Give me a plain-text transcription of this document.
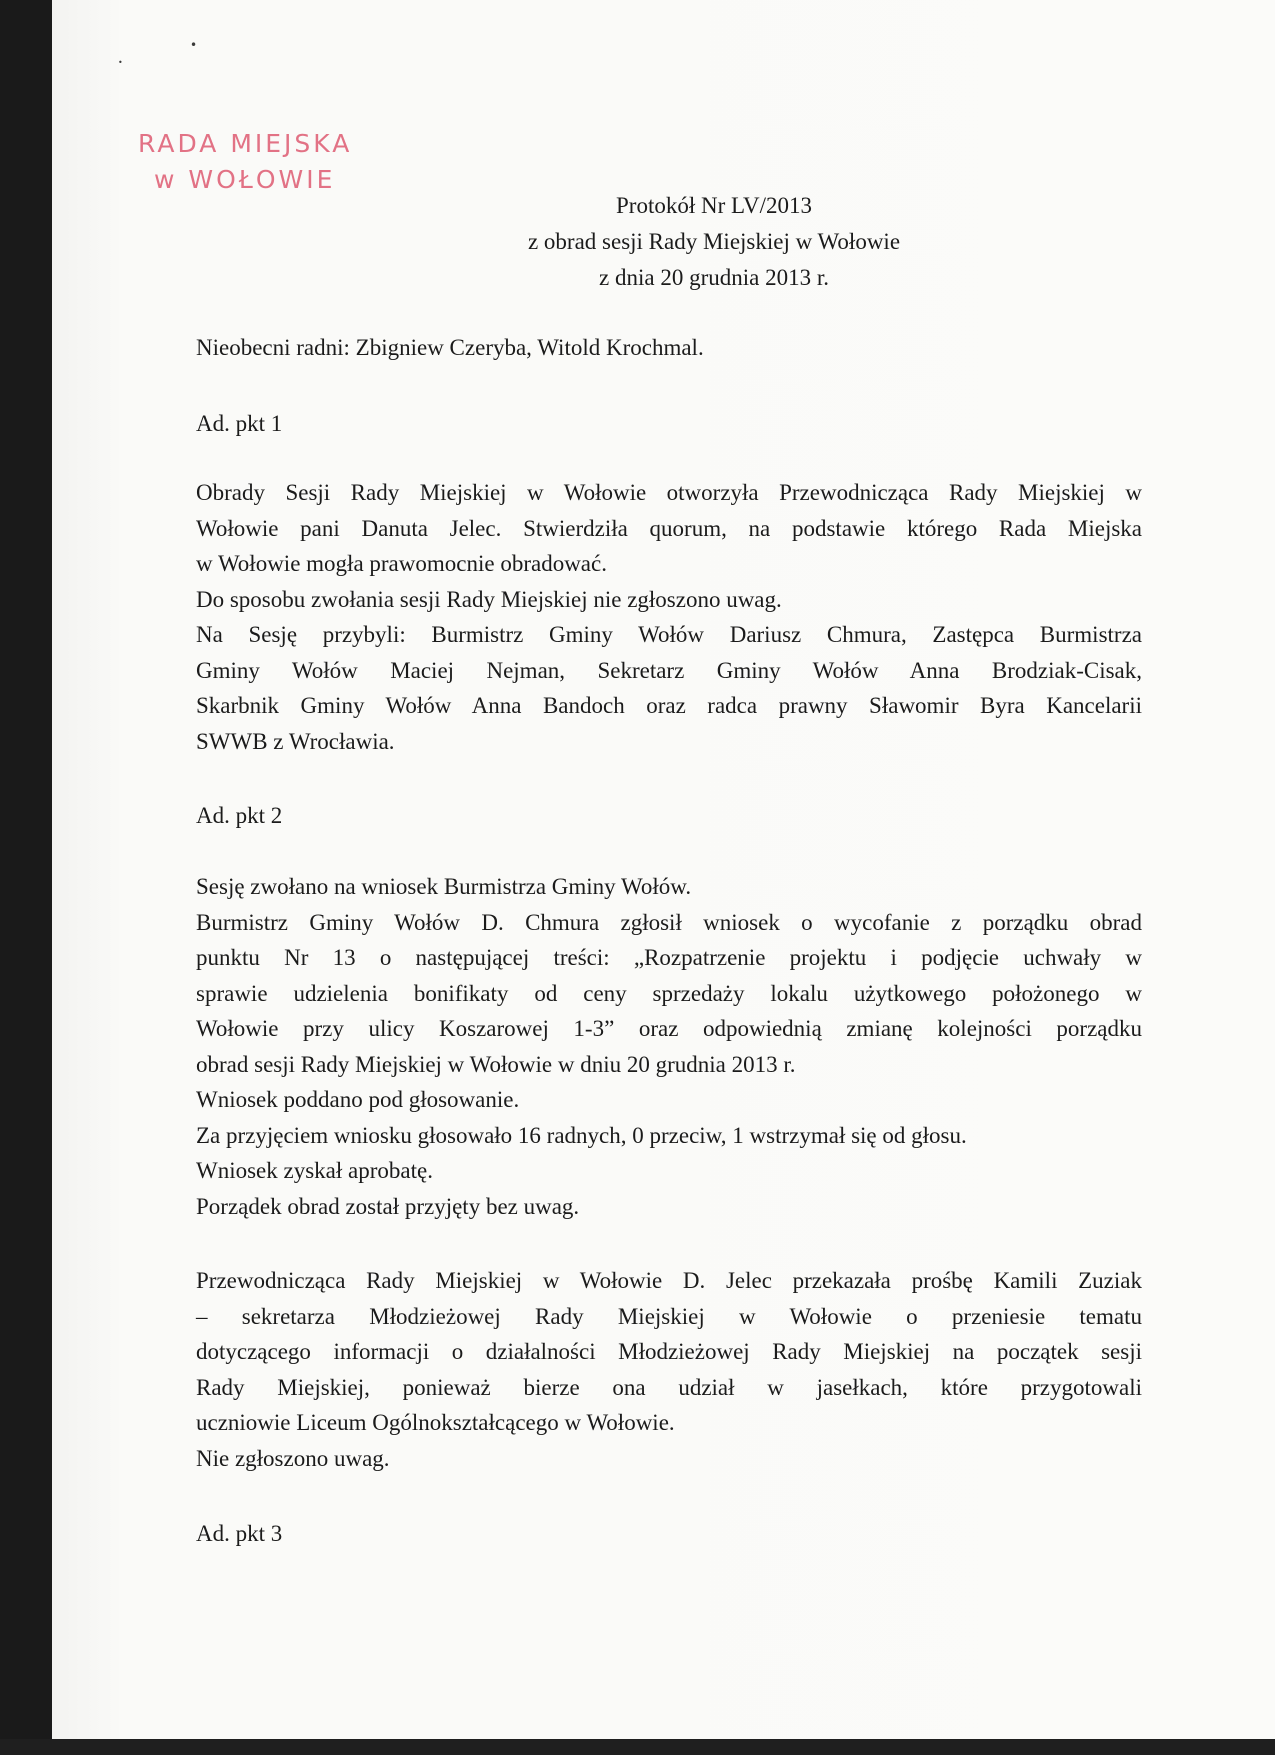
•
•
RADA MIEJSKA
w WOŁOWIE
Protokół Nr LV/2013
z obrad sesji Rady Miejskiej w Wołowie
z dnia 20 grudnia 2013 r.
Nieobecni radni: Zbigniew Czeryba, Witold Krochmal.
Ad. pkt 1
Obrady Sesji Rady Miejskiej w Wołowie otworzyła Przewodnicząca Rady Miejskiej w
Wołowie pani Danuta Jelec. Stwierdziła quorum, na podstawie którego Rada Miejska
w Wołowie mogła prawomocnie obradować.
Do sposobu zwołania sesji Rady Miejskiej nie zgłoszono uwag.
Na Sesję przybyli: Burmistrz Gminy Wołów Dariusz Chmura, Zastępca Burmistrza
Gminy Wołów Maciej Nejman, Sekretarz Gminy Wołów Anna Brodziak-Cisak,
Skarbnik Gminy Wołów Anna Bandoch oraz radca prawny Sławomir Byra Kancelarii
SWWB z Wrocławia.
Ad. pkt 2
Sesję zwołano na wniosek Burmistrza Gminy Wołów.
Burmistrz Gminy Wołów D. Chmura zgłosił wniosek o wycofanie z porządku obrad
punktu Nr 13 o następującej treści: „Rozpatrzenie projektu i podjęcie uchwały w
sprawie udzielenia bonifikaty od ceny sprzedaży lokalu użytkowego położonego w
Wołowie przy ulicy Koszarowej 1-3” oraz odpowiednią zmianę kolejności porządku
obrad sesji Rady Miejskiej w Wołowie w dniu 20 grudnia 2013 r.
Wniosek poddano pod głosowanie.
Za przyjęciem wniosku głosowało 16 radnych, 0 przeciw, 1 wstrzymał się od głosu.
Wniosek zyskał aprobatę.
Porządek obrad został przyjęty bez uwag.
Przewodnicząca Rady Miejskiej w Wołowie D. Jelec przekazała prośbę Kamili Zuziak
– sekretarza Młodzieżowej Rady Miejskiej w Wołowie o przeniesie tematu
dotyczącego informacji o działalności Młodzieżowej Rady Miejskiej na początek sesji
Rady Miejskiej, ponieważ bierze ona udział w jasełkach, które przygotowali
uczniowie Liceum Ogólnokształcącego w Wołowie.
Nie zgłoszono uwag.
Ad. pkt 3
